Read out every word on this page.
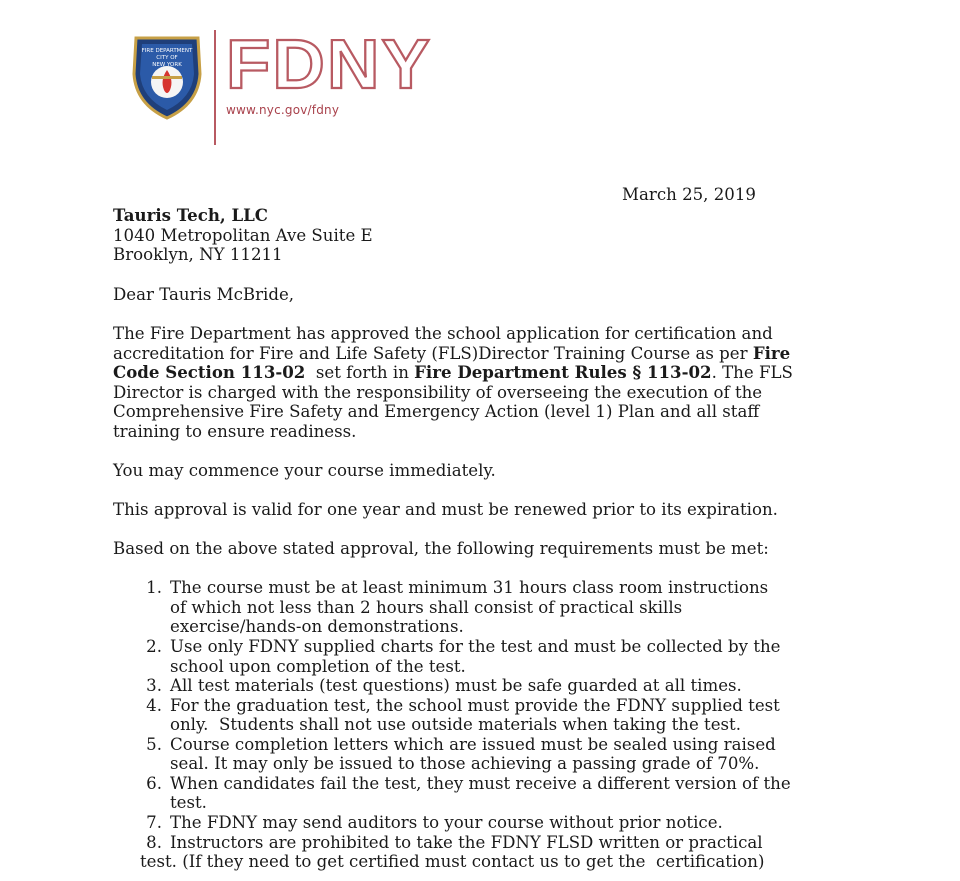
FIRE DEPARTMENT
CITY OF
NEW YORK FDNY
www.nyc.gov/fdny
March 25, 2019
Tauris Tech, LLC
1040 Metropolitan Ave Suite E
Brooklyn, NY 11211
Dear Tauris McBride,
The Fire Department has approved the school application for certification and
accreditation for Fire and Life Safety (FLS)Director Training Course as per Fire
Code Section 113-02  set forth in Fire Department Rules § 113-02. The FLS
Director is charged with the responsibility of overseeing the execution of the
Comprehensive Fire Safety and Emergency Action (level 1) Plan and all staff
training to ensure readiness.
You may commence your course immediately.
This approval is valid for one year and must be renewed prior to its expiration.
Based on the above stated approval, the following requirements must be met:
1. The course must be at least minimum 31 hours class room instructions
of which not less than 2 hours shall consist of practical skills
exercise/hands-on demonstrations.
2. Use only FDNY supplied charts for the test and must be collected by the
school upon completion of the test.
3. All test materials (test questions) must be safe guarded at all times.
4. For the graduation test, the school must provide the FDNY supplied test
only.  Students shall not use outside materials when taking the test.
5. Course completion letters which are issued must be sealed using raised
seal. It may only be issued to those achieving a passing grade of 70%.
6. When candidates fail the test, they must receive a different version of the
test.
7. The FDNY may send auditors to your course without prior notice.
8. Instructors are prohibited to take the FDNY FLSD written or practical
test. (If they need to get certified must contact us to get the  certification)
